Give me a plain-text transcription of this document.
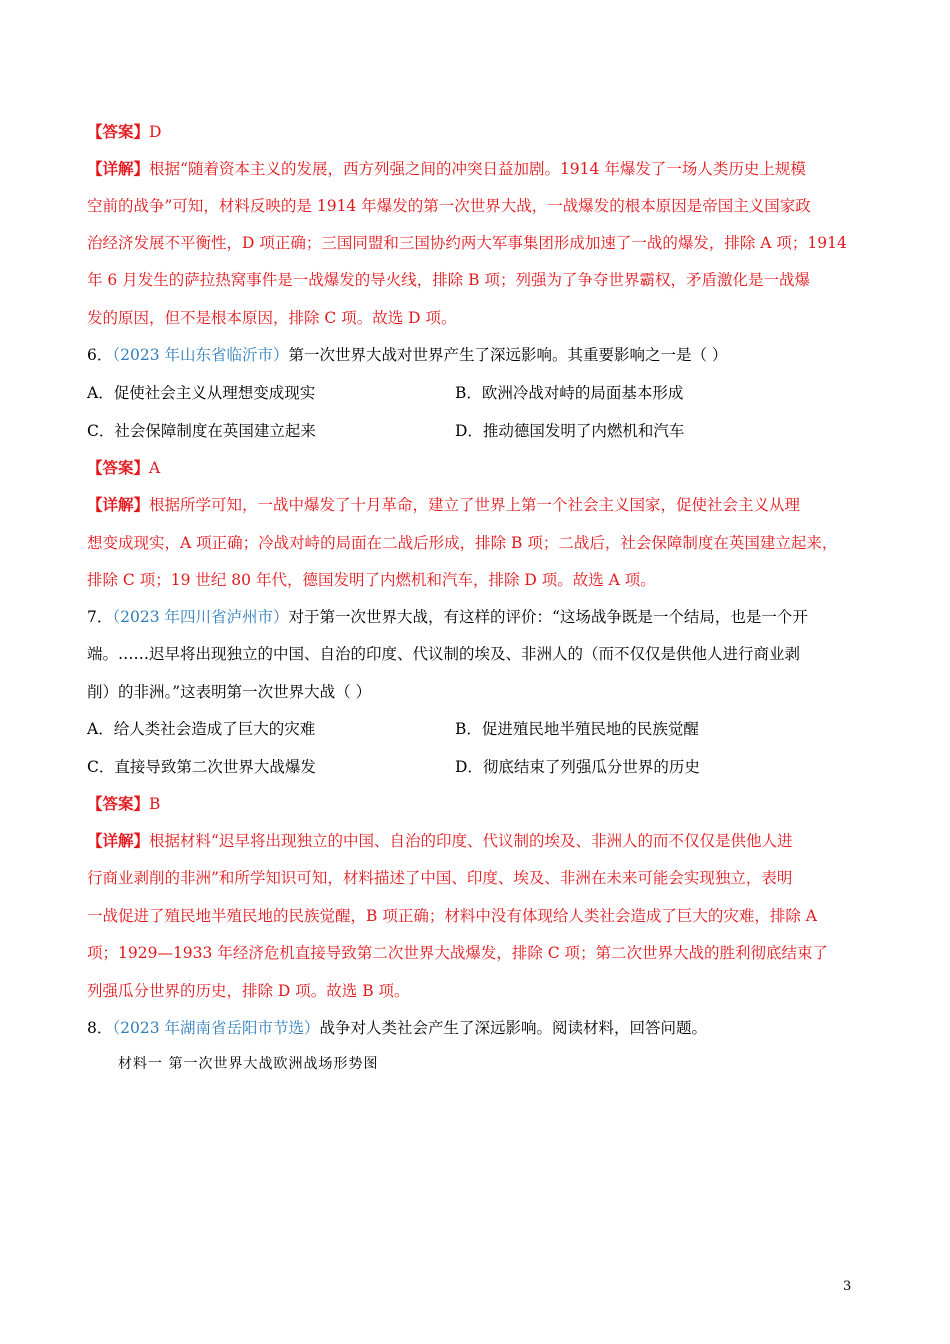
【答案】D
【详解】根据“随着资本主义的发展，西方列强之间的冲突日益加剧。1914 年爆发了一场人类历史上规模
空前的战争”可知，材料反映的是 1914 年爆发的第一次世界大战，一战爆发的根本原因是帝国主义国家政
治经济发展不平衡性，D 项正确；三国同盟和三国协约两大军事集团形成加速了一战的爆发，排除 A 项；1914
年 6 月发生的萨拉热窝事件是一战爆发的导火线，排除 B 项；列强为了争夺世界霸权，矛盾激化是一战爆
发的原因，但不是根本原因，排除 C 项。故选 D 项。
6．（2023 年山东省临沂市）第一次世界大战对世界产生了深远影响。其重要影响之一是（ ）
A．促使社会主义从理想变成现实	B．欧洲冷战对峙的局面基本形成
C．社会保障制度在英国建立起来	D．推动德国发明了内燃机和汽车
【答案】A
【详解】根据所学可知，一战中爆发了十月革命，建立了世界上第一个社会主义国家，促使社会主义从理
想变成现实，A 项正确；冷战对峙的局面在二战后形成，排除 B 项；二战后，社会保障制度在英国建立起来，
排除 C 项；19 世纪 80 年代，德国发明了内燃机和汽车，排除 D 项。故选 A 项。
7．（2023 年四川省泸州市）对于第一次世界大战，有这样的评价：“这场战争既是一个结局，也是一个开
端。……迟早将出现独立的中国、自治的印度、代议制的埃及、非洲人的（而不仅仅是供他人进行商业剥
削）的非洲。”这表明第一次世界大战（ ）
A．给人类社会造成了巨大的灾难	B．促进殖民地半殖民地的民族觉醒
C．直接导致第二次世界大战爆发	D．彻底结束了列强瓜分世界的历史
【答案】B
【详解】根据材料“迟早将出现独立的中国、自治的印度、代议制的埃及、非洲人的而不仅仅是供他人进
行商业剥削的非洲”和所学知识可知，材料描述了中国、印度、埃及、非洲在未来可能会实现独立，表明
一战促进了殖民地半殖民地的民族觉醒，B 项正确；材料中没有体现给人类社会造成了巨大的灾难，排除 A
项；1929—1933 年经济危机直接导致第二次世界大战爆发，排除 C 项；第二次世界大战的胜利彻底结束了
列强瓜分世界的历史，排除 D 项。故选 B 项。
8．（2023 年湖南省岳阳市节选）战争对人类社会产生了深远影响。阅读材料，回答问题。
材料一 第一次世界大战欧洲战场形势图
3
